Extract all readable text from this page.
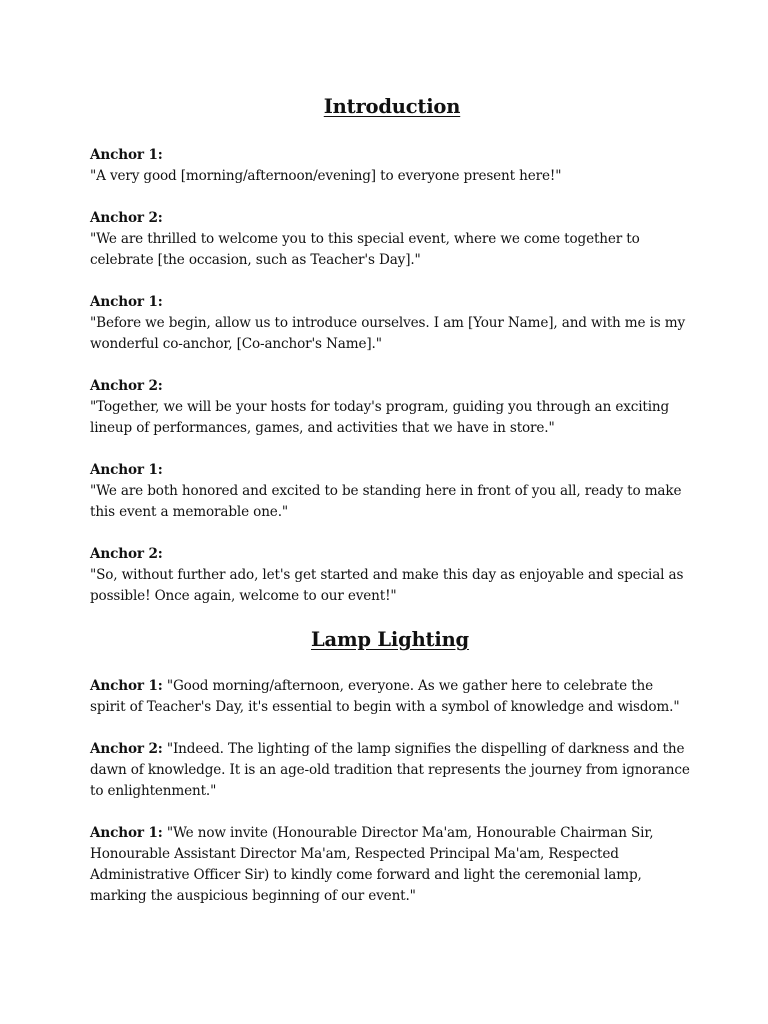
Introduction
Anchor 1:
"A very good [morning/afternoon/evening] to everyone present here!"
Anchor 2:
"We are thrilled to welcome you to this special event, where we come together to celebrate [the occasion, such as Teacher's Day]."
Anchor 1:
"Before we begin, allow us to introduce ourselves. I am [Your Name], and with me is my wonderful co-anchor, [Co-anchor's Name]."
Anchor 2:
"Together, we will be your hosts for today's program, guiding you through an exciting lineup of performances, games, and activities that we have in store."
Anchor 1:
"We are both honored and excited to be standing here in front of you all, ready to make this event a memorable one."
Anchor 2:
"So, without further ado, let's get started and make this day as enjoyable and special as possible! Once again, welcome to our event!"
Lamp Lighting
Anchor 1: "Good morning/afternoon, everyone. As we gather here to celebrate the spirit of Teacher's Day, it's essential to begin with a symbol of knowledge and wisdom."
Anchor 2: "Indeed. The lighting of the lamp signifies the dispelling of darkness and the dawn of knowledge. It is an age-old tradition that represents the journey from ignorance to enlightenment."
Anchor 1: "We now invite (Honourable Director Ma'am, Honourable Chairman Sir, Honourable Assistant Director Ma'am, Respected Principal Ma'am, Respected Administrative Officer Sir) to kindly come forward and light the ceremonial lamp, marking the auspicious beginning of our event."
